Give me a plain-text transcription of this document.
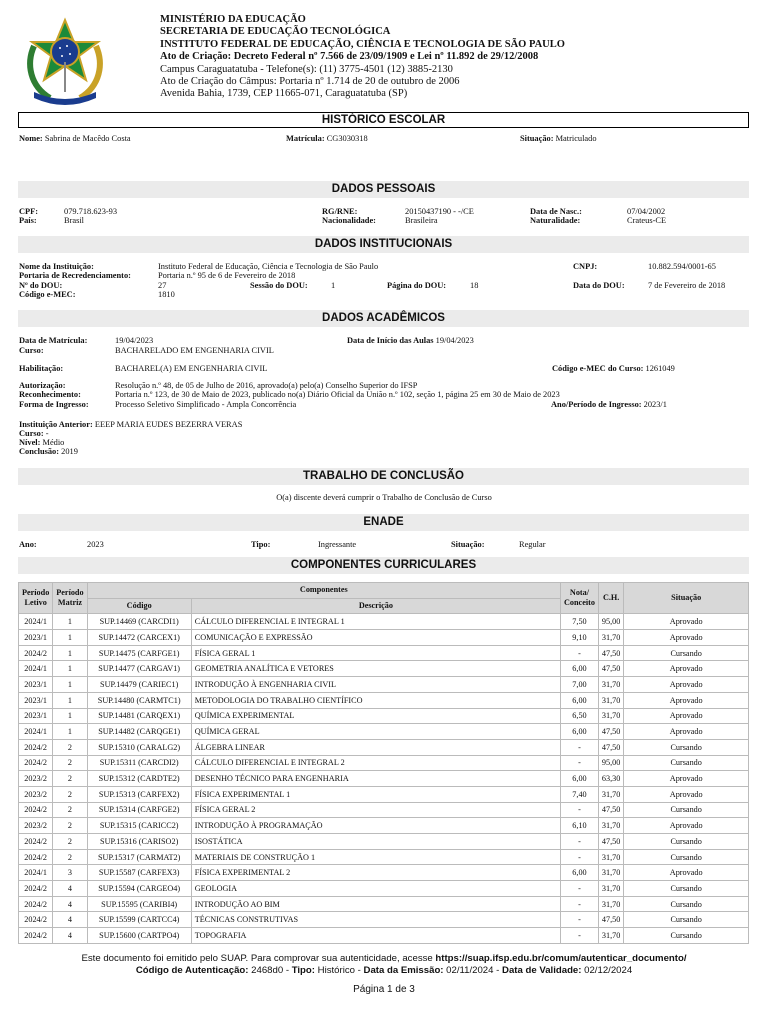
MINISTÉRIO DA EDUCAÇÃO
SECRETARIA DE EDUCAÇÃO TECNOLÓGICA
INSTITUTO FEDERAL DE EDUCAÇÃO, CIÊNCIA E TECNOLOGIA DE SÃO PAULO
Ato de Criação: Decreto Federal nº 7.566 de 23/09/1909 e Lei nº 11.892 de 29/12/2008
Campus Caraguatatuba - Telefone(s): (11) 3775-4501 (12) 3885-2130
Ato de Criação do Câmpus: Portaria nº 1.714 de 20 de outubro de 2006
Avenida Bahia, 1739, CEP 11665-071, Caraguatatuba (SP)
HISTÓRICO ESCOLAR
Nome: Sabrina de Macêdo Costa	Matrícula: CG3030318	Situação: Matriculado
DADOS PESSOAIS
CPF:	079.718.623-93
País:	Brasil
RG/RNE:	20150437190 - -/CE
Nacionalidade:	Brasileira
Data de Nasc.:	07/04/2002
Naturalidade:	Crateus-CE
DADOS INSTITUCIONAIS
Nome da Instituição:	Instituto Federal de Educação, Ciência e Tecnologia de São Paulo
Portaria de Recredenciamento:	Portaria n.º 95 de 6 de Fevereiro de 2018
Nº do DOU:	27	Sessão do DOU:	1	Página do DOU:	18
Código e-MEC:	1810
CNPJ:	10.882.594/0001-65
Data do DOU:	7 de Fevereiro de 2018
DADOS ACADÊMICOS
Data de Matrícula:	19/04/2023	Data de Início das Aulas 19/04/2023
Curso:	BACHARELADO EM ENGENHARIA CIVIL
Habilitação:	BACHAREL(A) EM ENGENHARIA CIVIL	Código e-MEC do Curso: 1261049
Autorização:	Resolução n.º 48, de 05 de Julho de 2016, aprovado(a) pelo(a) Conselho Superior do IFSP
Reconhecimento:	Portaria n.º 123, de 30 de Maio de 2023, publicado no(a) Diário Oficial da União n.º 102, seção 1, página 25 em 30 de Maio de 2023
Forma de Ingresso:	Processo Seletivo Simplificado - Ampla Concorrência	Ano/Período de Ingresso: 2023/1
Instituição Anterior: EEEP MARIA EUDES BEZERRA VERAS
Curso: -
Nível: Médio
Conclusão: 2019
TRABALHO DE CONCLUSÃO
O(a) discente deverá cumprir o Trabalho de Conclusão de Curso
ENADE
Ano:	2023	Tipo:	Ingressante	Situação:	Regular
COMPONENTES CURRICULARES
Período Letivo	Período Matriz	Componentes		Nota/ Conceito	C.H.	Situação
		Código	Descrição			
2024/1	1	SUP.14469 (CARCDI1)	CÁLCULO DIFERENCIAL E INTEGRAL 1	7,50	95,00	Aprovado
2023/1	1	SUP.14472 (CARCEX1)	COMUNICAÇÃO E EXPRESSÃO	9,10	31,70	Aprovado
2024/2	1	SUP.14475 (CARFGE1)	FÍSICA GERAL 1	-	47,50	Cursando
2024/1	1	SUP.14477 (CARGAV1)	GEOMETRIA ANALÍTICA E VETORES	6,00	47,50	Aprovado
2023/1	1	SUP.14479 (CARIEC1)	INTRODUÇÃO À ENGENHARIA CIVIL	7,00	31,70	Aprovado
2023/1	1	SUP.14480 (CARMTC1)	METODOLOGIA DO TRABALHO CIENTÍFICO	6,00	31,70	Aprovado
2023/1	1	SUP.14481 (CARQEX1)	QUÍMICA EXPERIMENTAL	6,50	31,70	Aprovado
2024/1	1	SUP.14482 (CARQGE1)	QUÍMICA GERAL	6,00	47,50	Aprovado
2024/2	2	SUP.15310 (CARALG2)	ÁLGEBRA LINEAR	-	47,50	Cursando
2024/2	2	SUP.15311 (CARCDI2)	CÁLCULO DIFERENCIAL E INTEGRAL 2	-	95,00	Cursando
2023/2	2	SUP.15312 (CARDTE2)	DESENHO TÉCNICO PARA ENGENHARIA	6,00	63,30	Aprovado
2023/2	2	SUP.15313 (CARFEX2)	FÍSICA EXPERIMENTAL 1	7,40	31,70	Aprovado
2024/2	2	SUP.15314 (CARFGE2)	FÍSICA GERAL 2	-	47,50	Cursando
2023/2	2	SUP.15315 (CARICC2)	INTRODUÇÃO À PROGRAMAÇÃO	6,10	31,70	Aprovado
2024/2	2	SUP.15316 (CARISO2)	ISOSTÁTICA	-	47,50	Cursando
2024/2	2	SUP.15317 (CARMAT2)	MATERIAIS DE CONSTRUÇÃO 1	-	31,70	Cursando
2024/1	3	SUP.15587 (CARFEX3)	FÍSICA EXPERIMENTAL 2	6,00	31,70	Aprovado
2024/2	4	SUP.15594 (CARGEO4)	GEOLOGIA	-	31,70	Cursando
2024/2	4	SUP.15595 (CARIBI4)	INTRODUÇÃO AO BIM	-	31,70	Cursando
2024/2	4	SUP.15599 (CARTCC4)	TÉCNICAS CONSTRUTIVAS	-	47,50	Cursando
2024/2	4	SUP.15600 (CARTPO4)	TOPOGRAFIA	-	31,70	Cursando
Este documento foi emitido pelo SUAP. Para comprovar sua autenticidade, acesse https://suap.ifsp.edu.br/comum/autenticar_documento/
Código de Autenticação: 2468d0 - Tipo: Histórico - Data da Emissão: 02/11/2024 - Data de Validade: 02/12/2024
Página 1 de 3
